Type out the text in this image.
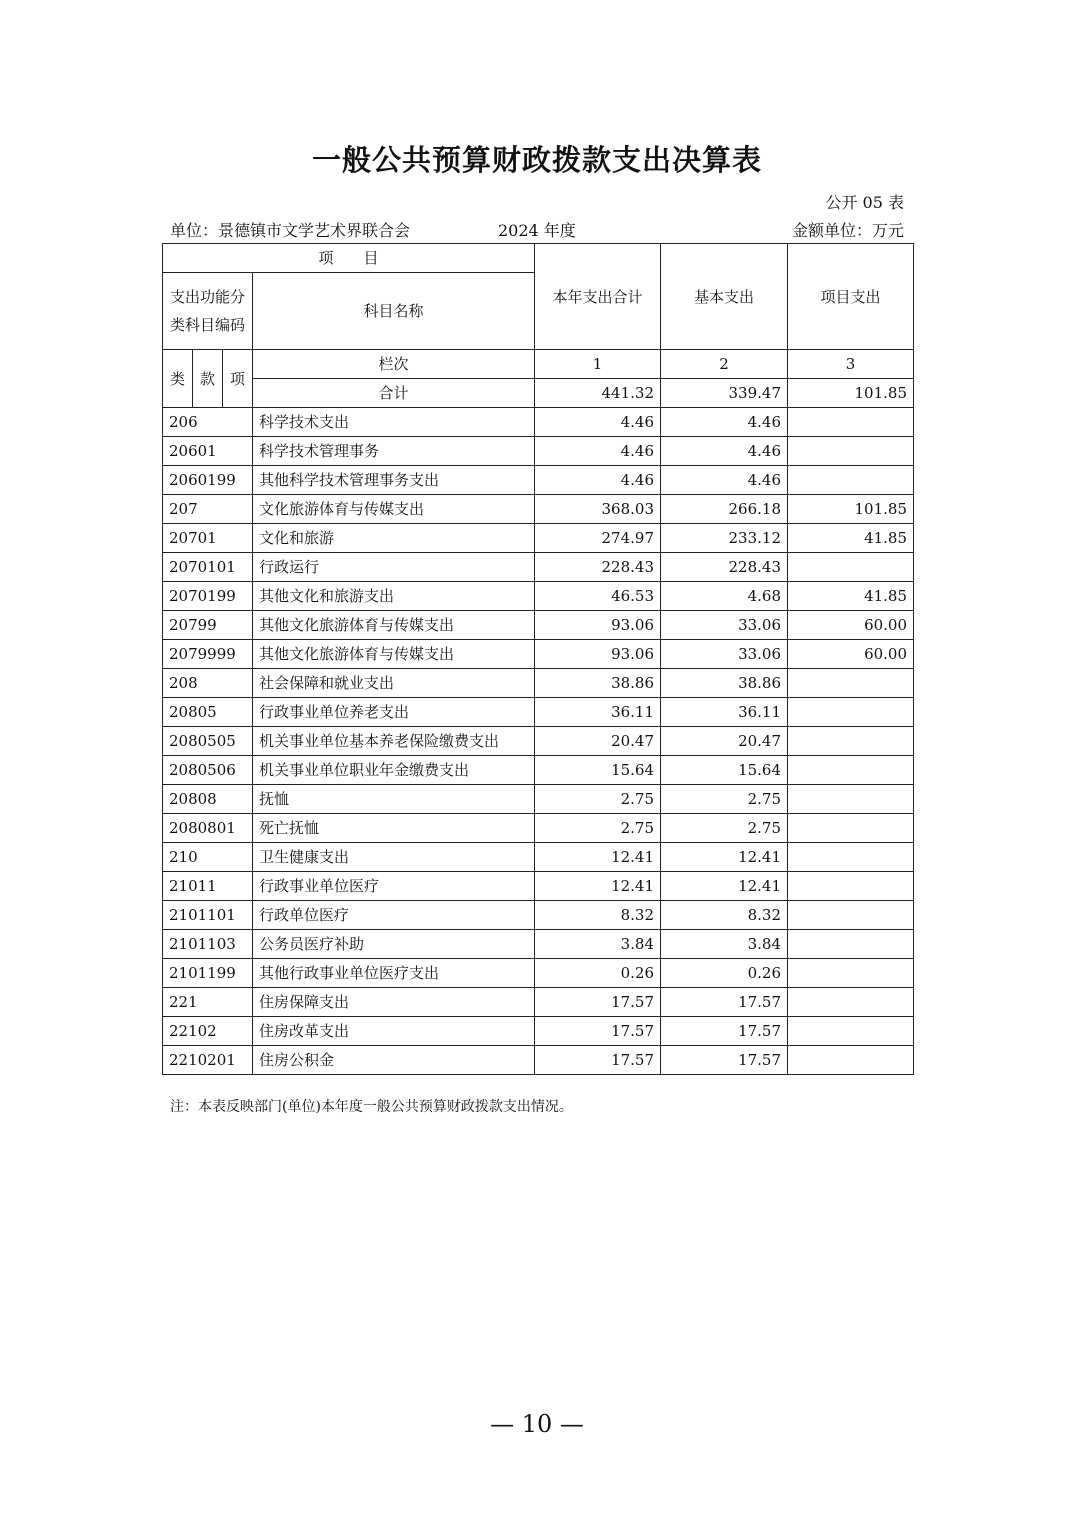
一般公共预算财政拨款支出决算表
公开 05 表
单位：景德镇市文学艺术界联合会	2024 年度	金额单位：万元
项　　目				本年支出合计	基本支出	项目支出
支出功能分类科目编码			科目名称			
类	款	项	栏次	1	2	3
			合计	441.32	339.47	101.85
206			科学技术支出	4.46	4.46	
20601			科学技术管理事务	4.46	4.46	
2060199			其他科学技术管理事务支出	4.46	4.46	
207			文化旅游体育与传媒支出	368.03	266.18	101.85
20701			文化和旅游	274.97	233.12	41.85
2070101			行政运行	228.43	228.43	
2070199			其他文化和旅游支出	46.53	4.68	41.85
20799			其他文化旅游体育与传媒支出	93.06	33.06	60.00
2079999			其他文化旅游体育与传媒支出	93.06	33.06	60.00
208			社会保障和就业支出	38.86	38.86	
20805			行政事业单位养老支出	36.11	36.11	
2080505			机关事业单位基本养老保险缴费支出	20.47	20.47	
2080506			机关事业单位职业年金缴费支出	15.64	15.64	
20808			抚恤	2.75	2.75	
2080801			死亡抚恤	2.75	2.75	
210			卫生健康支出	12.41	12.41	
21011			行政事业单位医疗	12.41	12.41	
2101101			行政单位医疗	8.32	8.32	
2101103			公务员医疗补助	3.84	3.84	
2101199			其他行政事业单位医疗支出	0.26	0.26	
221			住房保障支出	17.57	17.57	
22102			住房改革支出	17.57	17.57	
2210201			住房公积金	17.57	17.57	
注：本表反映部门(单位)本年度一般公共预算财政拨款支出情况。
— 10 —
